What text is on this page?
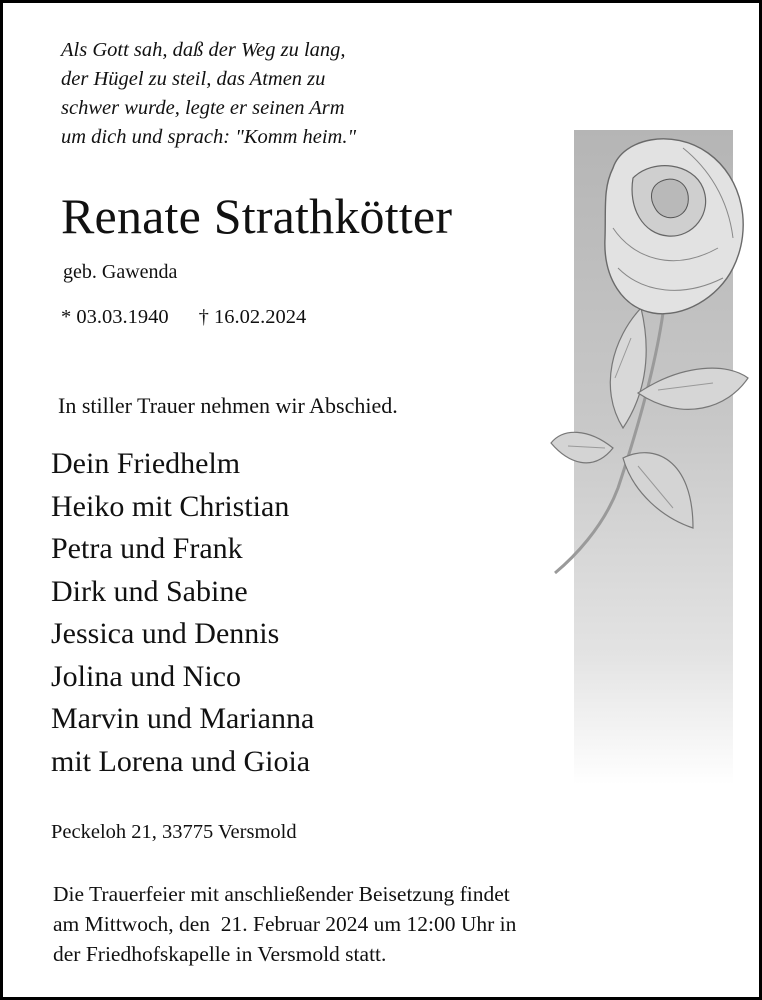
Als Gott sah, daß der Weg zu lang,
der Hügel zu steil, das Atmen zu
schwer wurde, legte er seinen Arm
um dich und sprach: "Komm heim."
Renate Strathkötter
geb. Gawenda
* 03.03.1940 † 16.02.2024
In stiller Trauer nehmen wir Abschied.
Dein Friedhelm
Heiko mit Christian
Petra und Frank
Dirk und Sabine
Jessica und Dennis
Jolina und Nico
Marvin und Marianna
mit Lorena und Gioia
Peckeloh 21, 33775 Versmold
Die Trauerfeier mit anschließender Beisetzung findet
am Mittwoch, den  21. Februar 2024 um 12:00 Uhr in
der Friedhofskapelle in Versmold statt.
